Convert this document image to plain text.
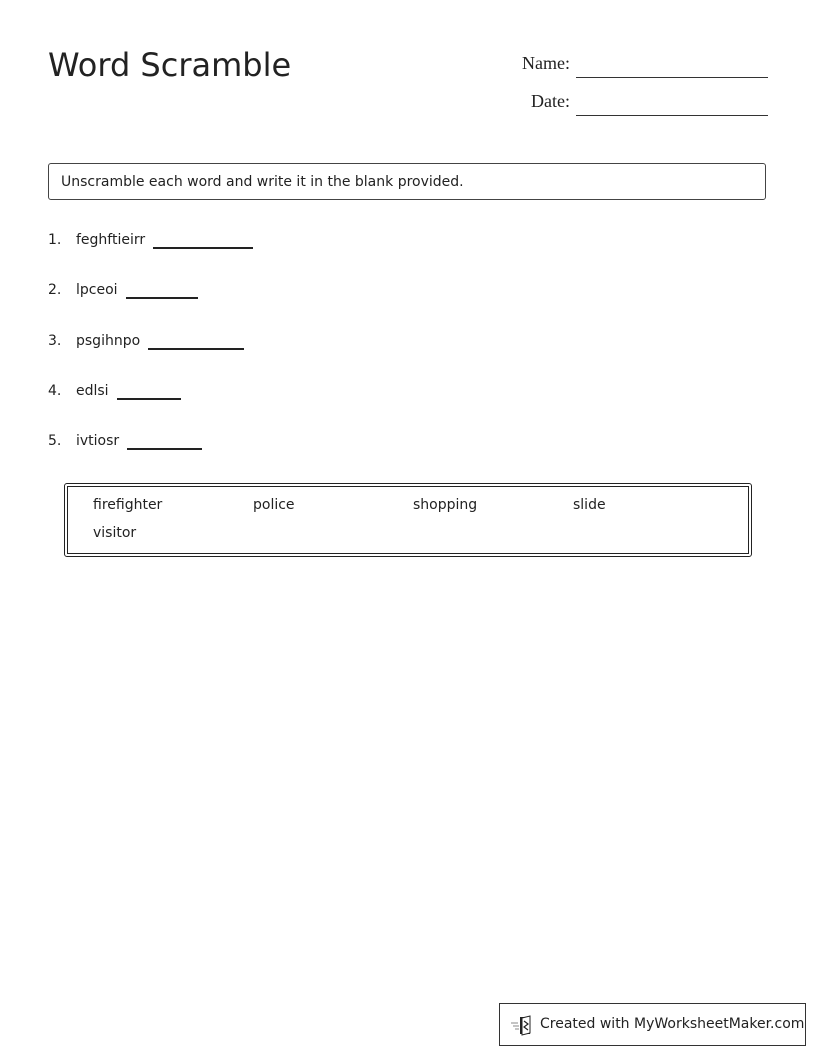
Word Scramble	Name:
Date:
Unscramble each word and write it in the blank provided.
1. feghftieirr
2. lpceoi
3. psgihnpo
4. edlsi
5. ivtiosr
firefighter	police	shopping	slide
visitor
Created with MyWorksheetMaker.com
